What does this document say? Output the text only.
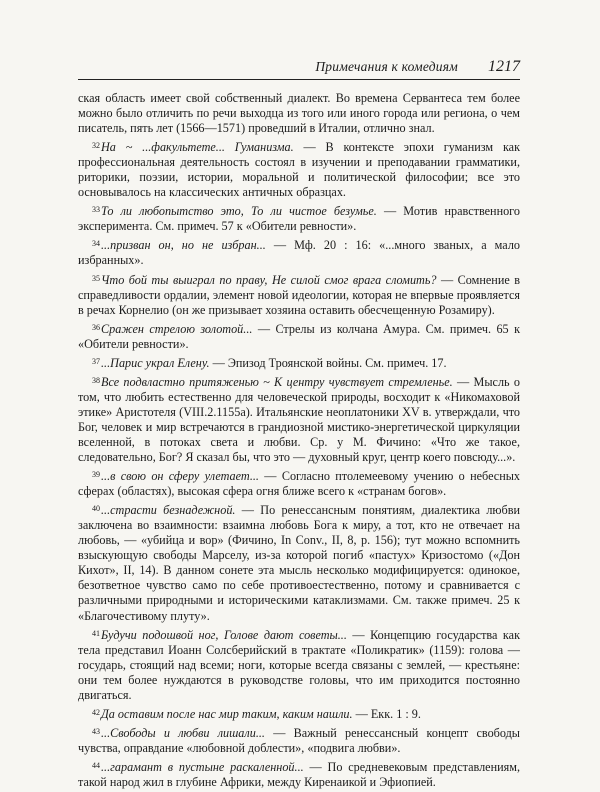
Примечания к комедиям 1217

ская область имеет свой собственный диалект. Во времена Сервантеса тем более можно было отличить по речи выходца из того или иного города или региона, о чем писатель, пять лет (1566—1571) проведший в Италии, отлично знал.

$^{32}$На ~ ...факультете... Гуманизма. — В контексте эпохи гуманизм как профессиональная деятельность состоял в изучении и преподавании грамматики, риторики, поэзии, истории, моральной и политической философии; все это основывалось на классических античных образцах.

$^{33}$То ли любопытство это, То ли чистое безумье. — Мотив нравственного эксперимента. См. примеч. 57 к «Обители ревности».

$^{34}$...призван он, но не избран... — Мф. 20 : 16: «...много званых, а мало избранных».

$^{35}$Что бой ты выиграл по праву, Не силой смог врага сломить? — Сомнение в справедливости ордалии, элемент новой идеологии, которая не впервые проявляется в речах Корнелио (он же призывает хозяина оставить обесчещенную Розамиру).

$^{36}$Сражен стрелою золотой... — Стрелы из колчана Амура. См. примеч. 65 к «Обители ревности».

$^{37}$...Парис украл Елену. — Эпизод Троянской войны. См. примеч. 17.

$^{38}$Все подвластно притяженью ~ К центру чувствует стремленье. — Мысль о том, что любить естественно для человеческой природы, восходит к «Никомаховой этике» Аристотеля (VIII.2.1155а). Итальянские неоплатоники XV в. утверждали, что Бог, человек и мир встречаются в грандиозной мистико-энергетической циркуляции вселенной, в потоках света и любви. Ср. у М. Фичино: «Что же такое, следовательно, Бог? Я сказал бы, что это — духовный круг, центр коего повсюду...».

$^{39}$...в свою он сферу улетает... — Согласно птолемеевому учению о небесных сферах (областях), высокая сфера огня ближе всего к «странам богов».

$^{40}$...страсти безнадежной. — По ренессансным понятиям, диалектика любви заключена во взаимности: взаимна любовь Бога к миру, а тот, кто не отвечает на любовь, — «убийца и вор» (Фичино, In Conv., II, 8, p. 156); тут можно вспомнить взыскующую свободы Марселу, из-за которой погиб «пастух» Кризостомо («Дон Кихот», II, 14). В данном сонете эта мысль несколько модифицируется: одинокое, безответное чувство само по себе противоестественно, потому и сравнивается с различными природными и историческими катаклизмами. См. также примеч. 25 к «Благочестивому плуту».

$^{41}$Будучи подошвой ног, Голове дают советы... — Концепцию государства как тела представил Иоанн Солсберийский в трактате «Поликратик» (1159): голова — государь, стоящий над всеми; ноги, которые всегда связаны с землей, — крестьяне: они тем более нуждаются в руководстве головы, что им приходится постоянно двигаться.

$^{42}$Да оставим после нас мир таким, каким нашли. — Екк. 1 : 9.

$^{43}$...Свободы и любви лишали... — Важный ренессансный концепт свободы чувства, оправдание «любовной доблести», «подвига любви».

$^{44}$...гарамант в пустыне раскаленной... — По средневековым представлениям, такой народ жил в глубине Африки, между Киренаикой и Эфиопией.
